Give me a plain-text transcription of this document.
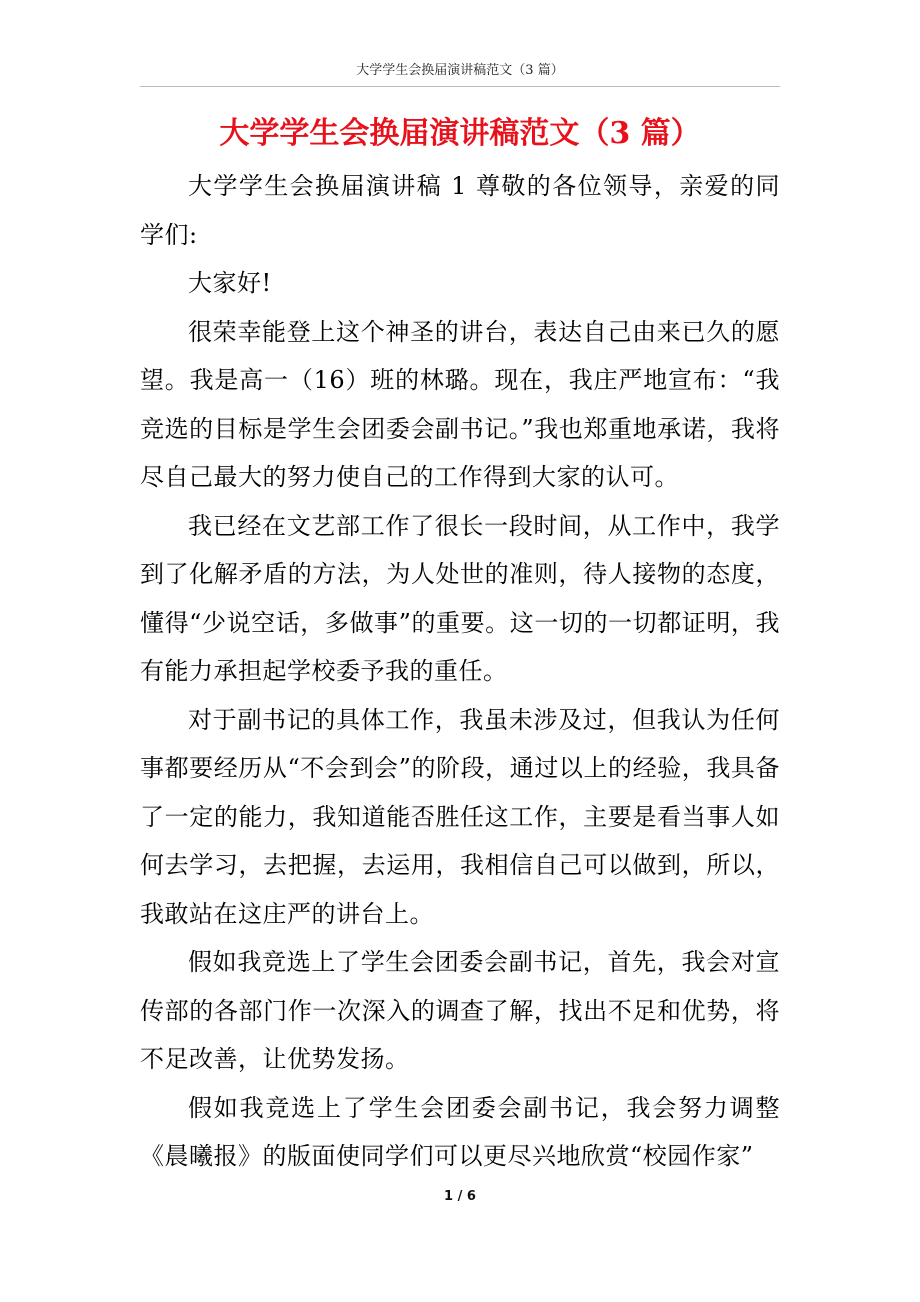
大学学生会换届演讲稿范文（3 篇）
大学学生会换届演讲稿范文（3 篇）

大学学生会换届演讲稿 1 尊敬的各位领导，亲爱的同学们:

大家好!

很荣幸能登上这个神圣的讲台，表达自己由来已久的愿望。我是高一（16）班的林璐。现在，我庄严地宣布：“我竞选的目标是学生会团委会副书记。”我也郑重地承诺，我将尽自己最大的努力使自己的工作得到大家的认可。

我已经在文艺部工作了很长一段时间，从工作中，我学到了化解矛盾的方法，为人处世的准则，待人接物的态度，懂得“少说空话，多做事”的重要。这一切的一切都证明，我有能力承担起学校委予我的重任。

对于副书记的具体工作，我虽未涉及过，但我认为任何事都要经历从“不会到会”的阶段，通过以上的经验，我具备了一定的能力，我知道能否胜任这工作，主要是看当事人如何去学习，去把握，去运用，我相信自己可以做到，所以，我敢站在这庄严的讲台上。

假如我竞选上了学生会团委会副书记，首先，我会对宣传部的各部门作一次深入的调查了解，找出不足和优势，将不足改善，让优势发扬。

假如我竞选上了学生会团委会副书记，我会努力调整《晨曦报》的版面使同学们可以更尽兴地欣赏“校园作家”

1 / 6
